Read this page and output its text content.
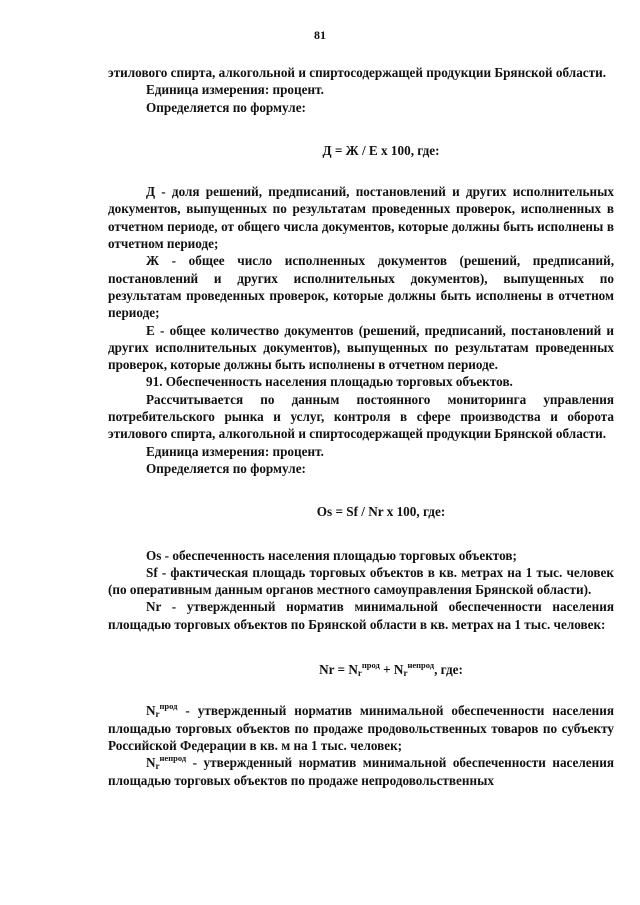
81

этилового спирта, алкогольной и спиртосодержащей продукции Брянской области.

Единица измерения: процент.

Определяется по формуле:

Д = Ж / Е х 100, где:

Д - доля решений, предписаний, постановлений и других исполнительных документов, выпущенных по результатам проведенных проверок, исполненных в отчетном периоде, от общего числа документов, которые должны быть исполнены в отчетном периоде;

Ж - общее число исполненных документов (решений, предписаний, постановлений и других исполнительных документов), выпущенных по результатам проведенных проверок, которые должны быть исполнены в отчетном периоде;

Е - общее количество документов (решений, предписаний, постановлений и других исполнительных документов), выпущенных по результатам проведенных проверок, которые должны быть исполнены в отчетном периоде.

91. Обеспеченность населения площадью торговых объектов.

Рассчитывается по данным постоянного мониторинга управления потребительского рынка и услуг, контроля в сфере производства и оборота этилового спирта, алкогольной и спиртосодержащей продукции Брянской области.

Единица измерения: процент.

Определяется по формуле:

Os = Sf / Nr x 100, где:

Os - обеспеченность населения площадью торговых объектов;

Sf - фактическая площадь торговых объектов в кв. метрах на 1 тыс. человек (по оперативным данным органов местного самоуправления Брянской области).

Nr - утвержденный норматив минимальной обеспеченности населения площадью торговых объектов по Брянской области в кв. метрах на 1 тыс. человек:

$Nr = N_r^{прод} + N_r^{непрод}$, где:

$N_r^{прод}$ - утвержденный норматив минимальной обеспеченности населения площадью торговых объектов по продаже продовольственных товаров по субъекту Российской Федерации в кв. м на 1 тыс. человек;

$N_r^{непрод}$ - утвержденный норматив минимальной обеспеченности населения площадью торговых объектов по продаже непродовольственных
